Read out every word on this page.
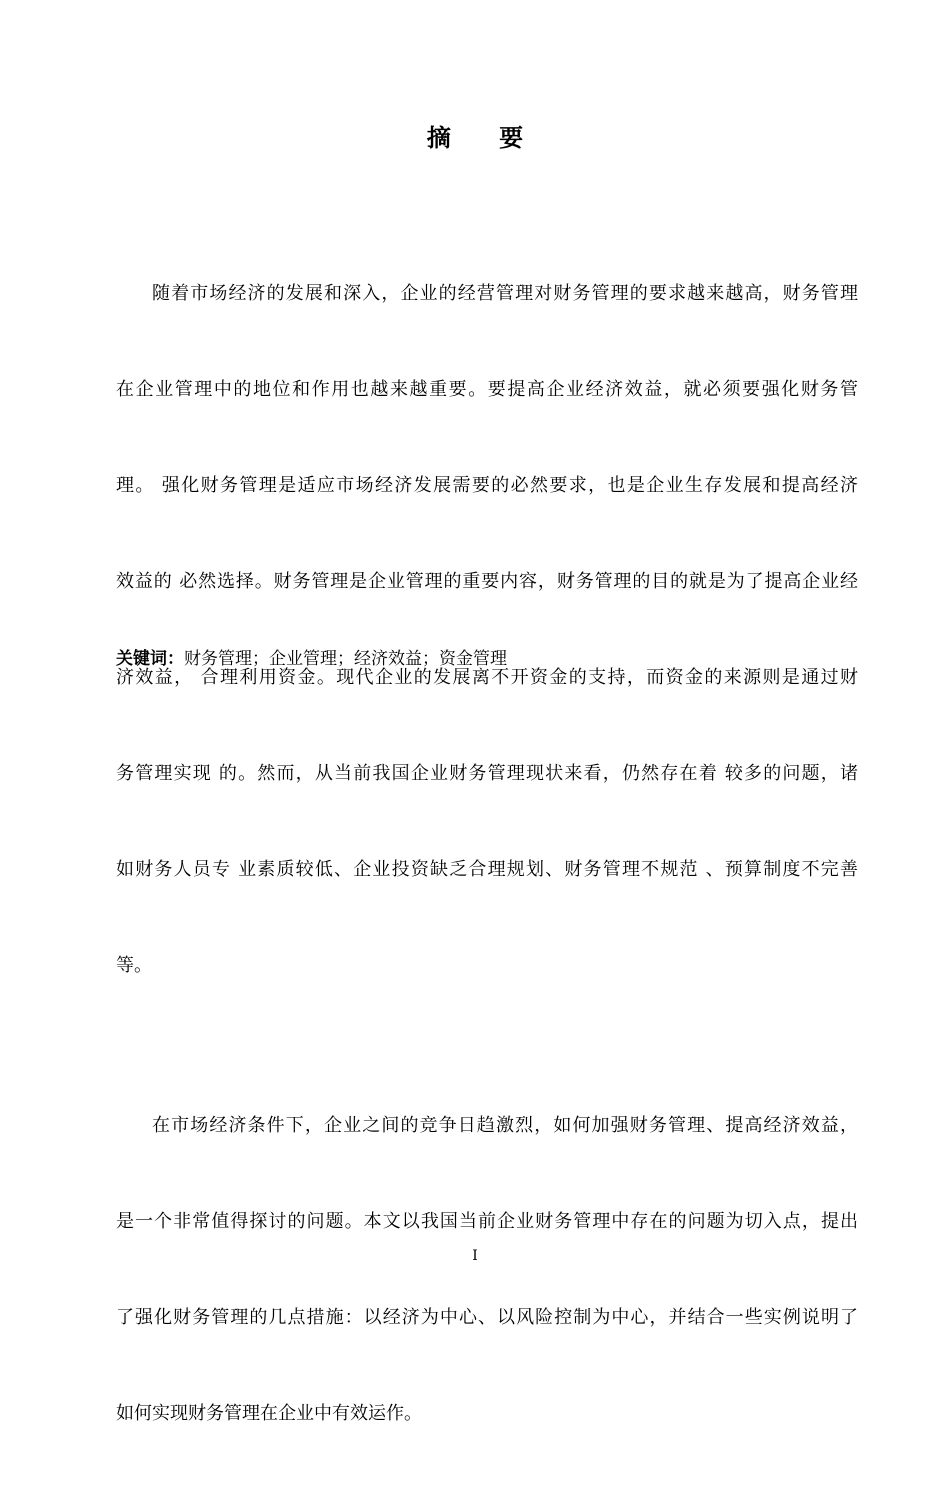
摘 要

随着市场经济的发展和深入，企业的经营管理对财务管理的要求越来越高，财务管理

在企业管理中的地位和作用也越来越重要。要提高企业经济效益，就必须要强化财务管

理。 强化财务管理是适应市场经济发展需要的必然要求，也是企业生存发展和提高经济

效益的 必然选择。财务管理是企业管理的重要内容，财务管理的目的就是为了提高企业经

济效益， 合理利用资金。现代企业的发展离不开资金的支持，而资金的来源则是通过财

务管理实现 的。然而，从当前我国企业财务管理现状来看，仍然存在着 较多的问题，诸

如财务人员专 业素质较低、企业投资缺乏合理规划、财务管理不规范 、预算制度不完善

等。

在市场经济条件下，企业之间的竞争日趋激烈，如何加强财务管理、提高经济效益，

是一个非常值得探讨的问题。本文以我国当前企业财务管理中存在的问题为切入点，提出

了强化财务管理的几点措施：以经济为中心、以风险控制为中心，并结合一些实例说明了

如何实现财务管理在企业中有效运作。

关键词：财务管理；企业管理；经济效益；资金管理
I
